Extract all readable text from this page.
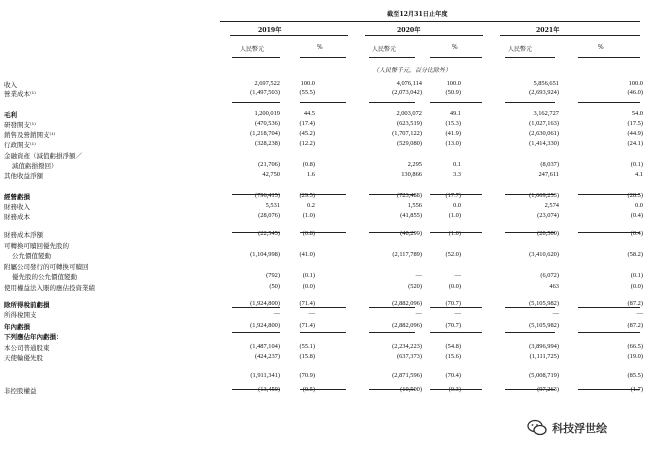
截至12月31日止年度
2019年	2020年	2021年
人民幣元	%	人民幣元	%	人民幣元	%
（人民幣千元，百分比除外）
收入	2,697,522	100.0	4,076,114	100.0	5,856,651	100.0
營業成本⁽¹⁾	(1,497,503)	(55.5)	(2,073,042)	(50.9)	(2,693,924)	(46.0)
毛利	1,200,019	44.5	2,003,072	49.1	3,162,727	54.0
研發開支⁽¹⁾	(470,536)	(17.4)	(623,519)	(15.3)	(1,027,163)	(17.5)
銷售及營銷開支⁽¹⁾	(1,218,704)	(45.2)	(1,707,122)	(41.9)	(2,630,061)	(44.9)
行政開支⁽¹⁾	(328,238)	(12.2)	(529,080)	(13.0)	(1,414,330)	(24.1)
金融資產（減值虧損淨額／
減值虧損撥回）	(21,706)	(0.8)	2,295	0.1	(8,037)	(0.1)
其他收益淨額	42,750	1.6	130,866	3.3	247,611	4.1
經營虧損	(796,415)	(29.5)	(723,488)	(17.7)	(1,669,253)	(28.5)
財務收入	5,531	0.2	1,556	0.0	2,574	0.0
財務成本	(28,076)	(1.0)	(41,855)	(1.0)	(23,074)	(0.4)
財務成本淨額	(22,545)	(0.8)	(40,299)	(1.0)	(20,500)	(0.4)
可轉換可贖回優先股的
公允價值變動	(1,104,998)	(41.0)	(2,117,789)	(52.0)	(3,410,620)	(58.2)
附屬公司發行的可轉換可贖回
優先股的公允價值變動	(792)	(0.1)	—	—	(6,072)	(0.1)
使用權益法入賬的應佔投資業績	(50)	(0.0)	(520)	(0.0)	463	(0.0)
除所得稅前虧損	(1,924,800)	(71.4)	(2,882,096)	(70.7)	(5,105,982)	(87.2)
所得稅開支	—	—	—	—	—	—
年內虧損	(1,924,800)	(71.4)	(2,882,096)	(70.7)	(5,105,982)	(87.2)
下列應佔年內虧損：
本公司普通股東	(1,487,104)	(55.1)	(2,234,223)	(54.8)	(3,896,994)	(66.5)
天使輪優先股	(424,237)	(15.8)	(637,373)	(15.6)	(1,111,725)	(19.0)
(1,911,341)	(70.9)	(2,871,596)	(70.4)	(5,008,719)	(85.5)
非控股權益	(13,459)	(0.5)	(10,500)	(0.3)	(97,263)	(1.7)
科技浮世绘
